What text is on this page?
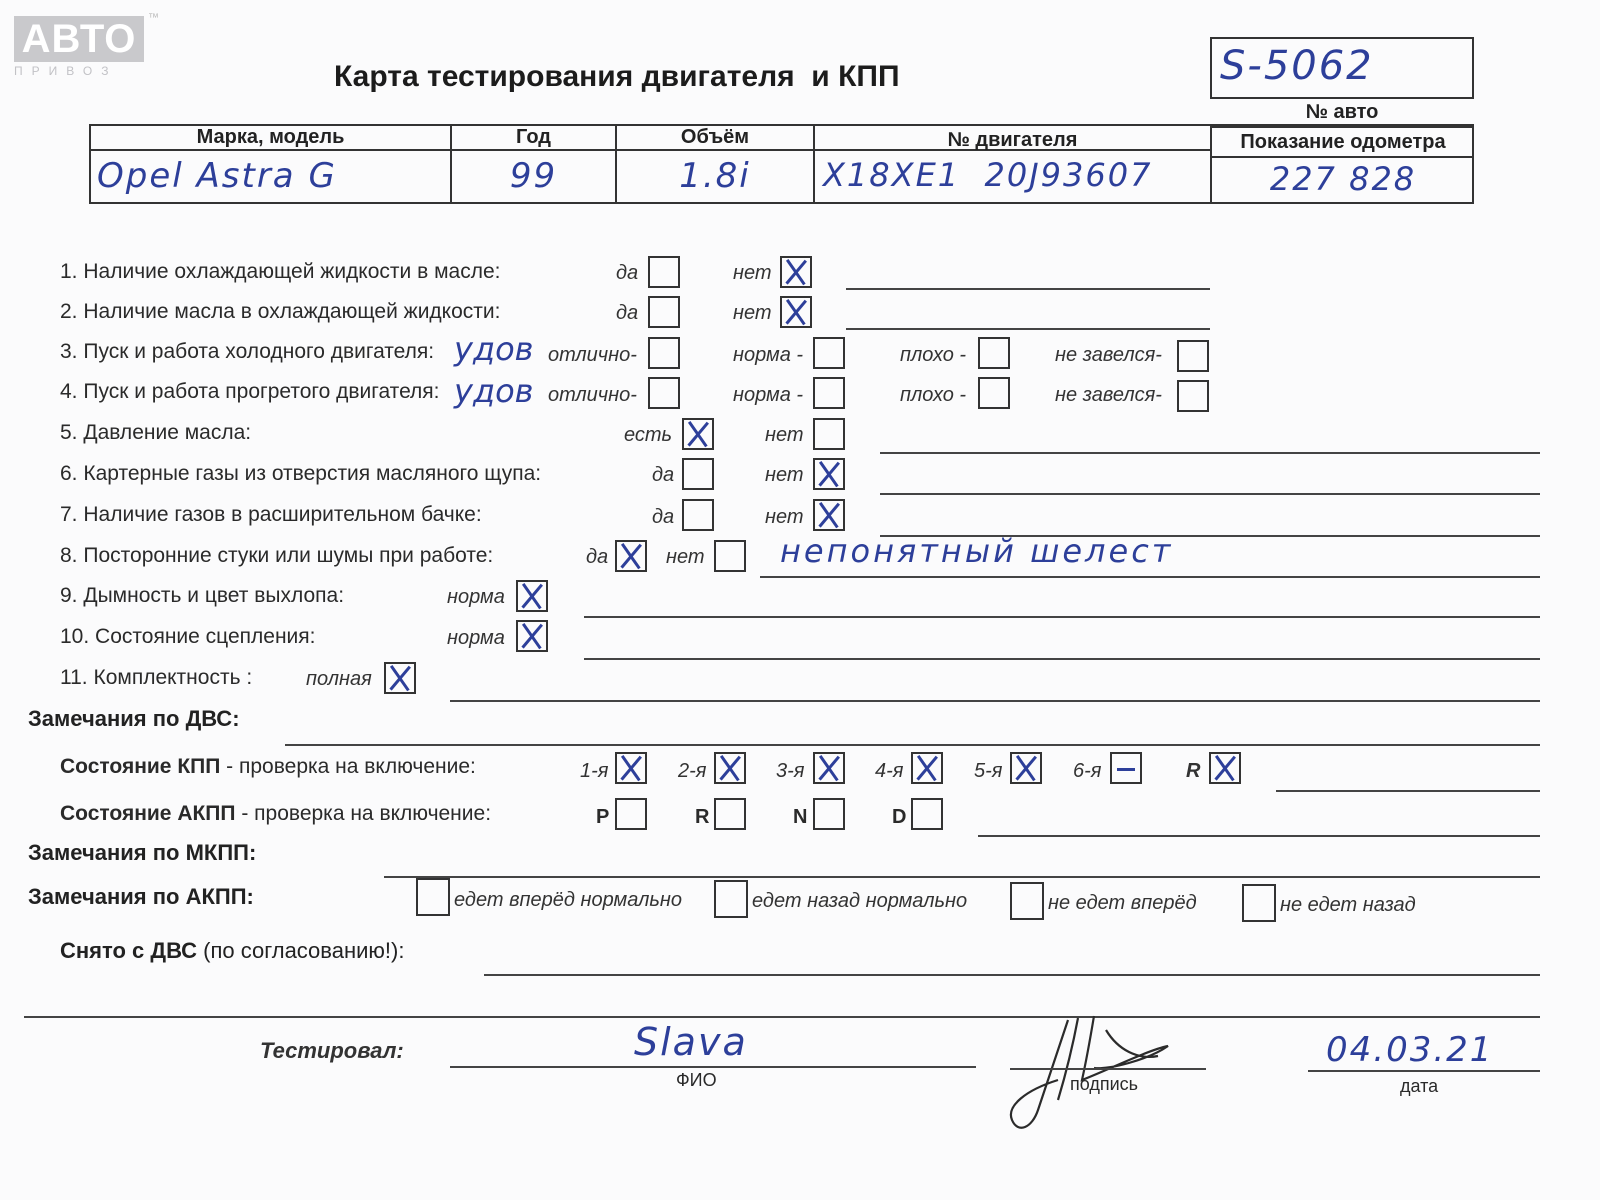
АВТО
ПРИВОЗ
™
Карта тестирования двигателя  и КПП	S-5062
№ авто
Марка, модель	Год	Объём	№ двигателя	Показание одометра
Opel Astra G	99	1.8i	X18XE1  20J93607	227 828
1. Наличие охлаждающей жидкости в масле:	да	нет
2. Наличие масла в охлаждающей жидкости:	да	нет
3. Пуск и работа холодного двигателя: удов отлично-	норма -	плохо -	не завелся-
4. Пуск и работа прогретого двигателя: удов отлично-	норма -	плохо -	не завелся-
5. Давление масла:	есть	нет
6. Картерные газы из отверстия масляного щупа:	да	нет
7. Наличие газов в расширительном бачке:	да	нет
8. Посторонние стуки или шумы при работе:	да	нет непонятный шелест
9. Дымность и цвет выхлопа:	норма
10. Состояние сцепления:	норма
11. Комплектность :	полная
Замечания по ДВС:
Состояние КПП - проверка на включение:	1-я	2-я	3-я	4-я	5-я	6-я	R
Состояние АКПП - проверка на включение:	P	R	N	D
Замечания по МКПП:
Замечания по АКПП:	едет вперёд нормально	едет назад нормально	не едет вперёд	не едет назад
Снято с ДВС (по согласованию!):
Тестировал:	Slava
ФИО	подпись
04.03.21
дата
